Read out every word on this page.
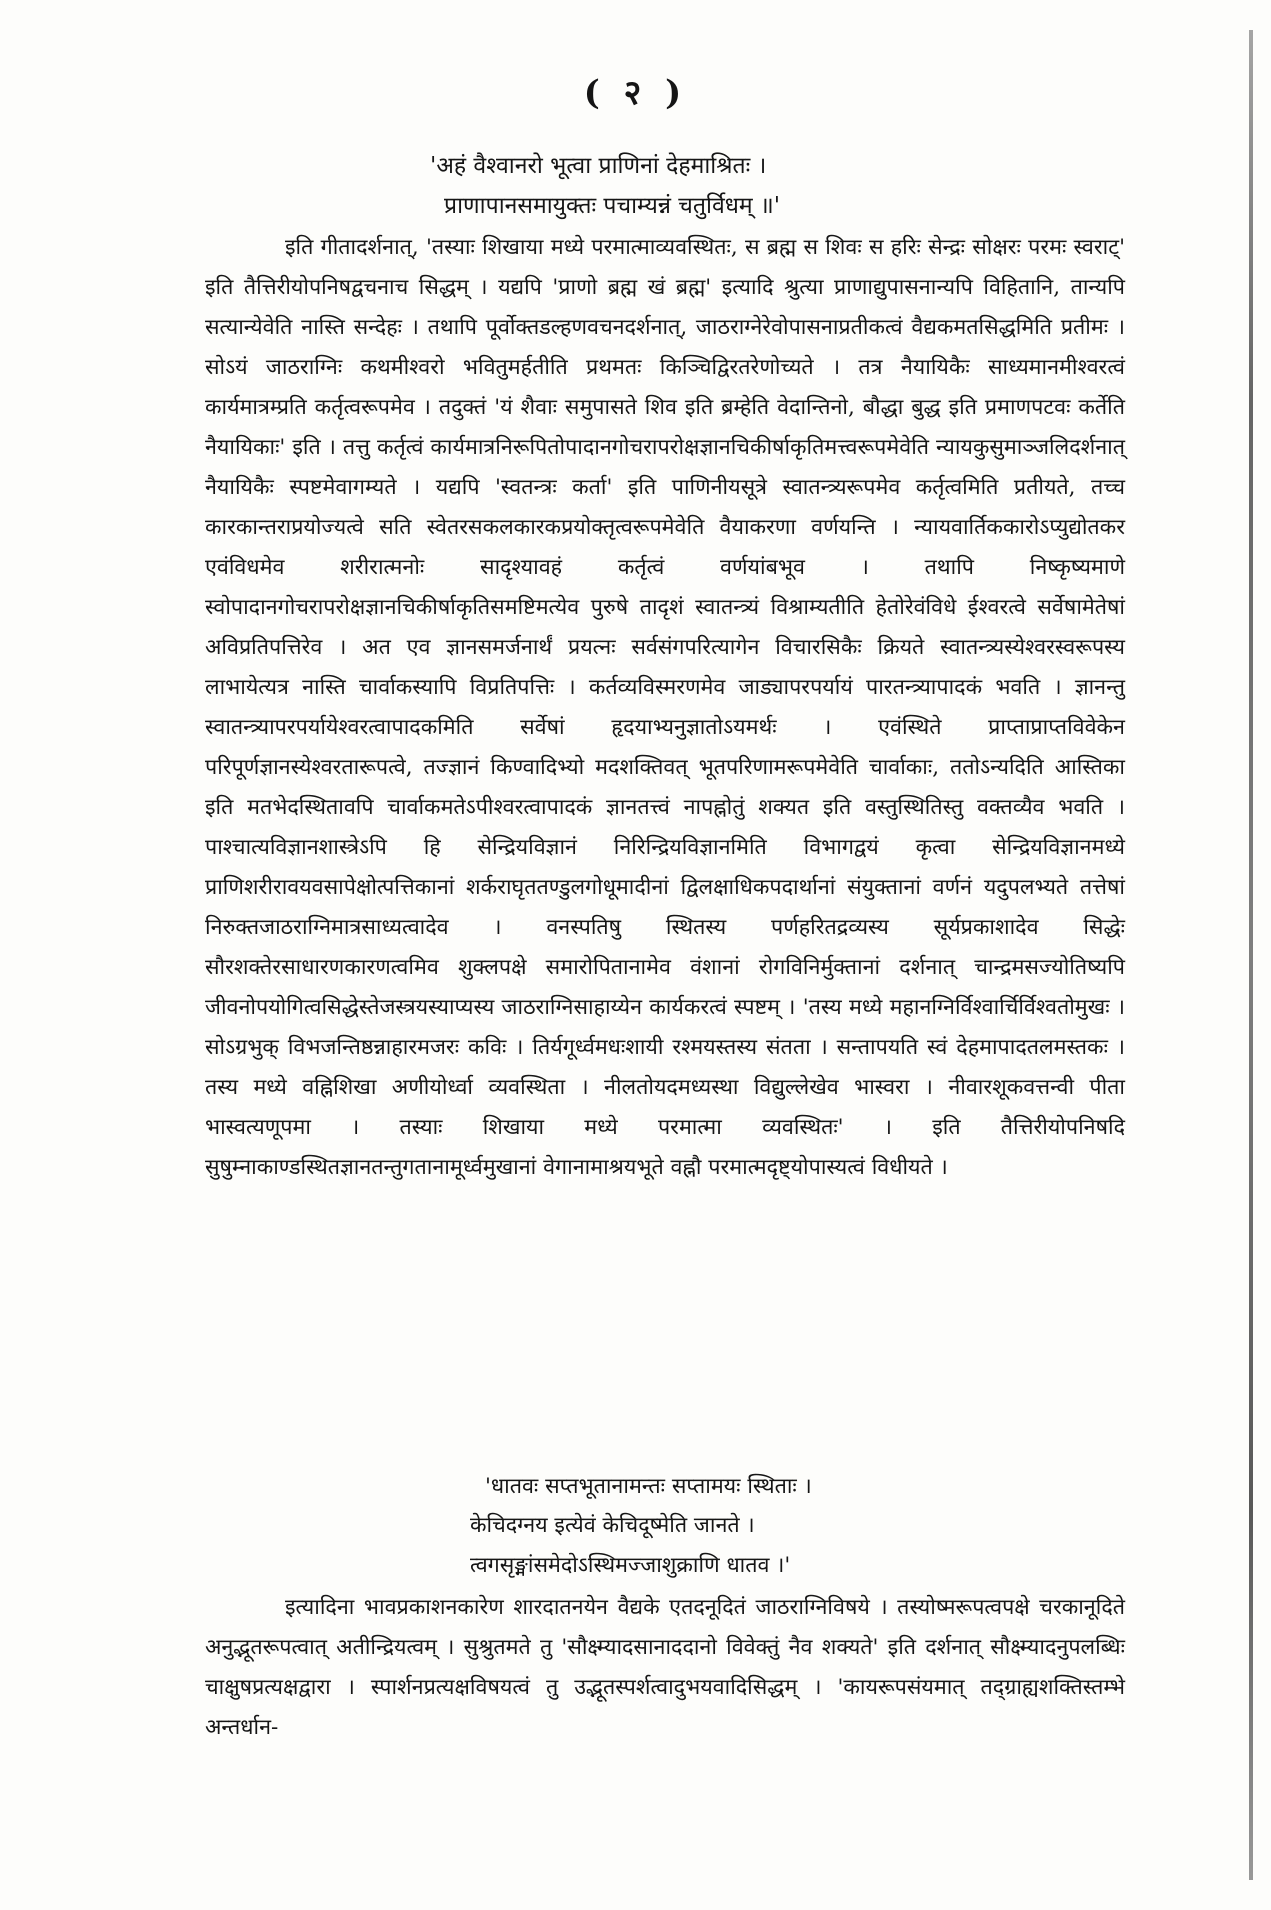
( २ )
'अहं वैश्वानरो भूत्वा प्राणिनां देहमाश्रितः ।
प्राणापानसमायुक्तः पचाम्यन्नं चतुर्विधम् ॥'

इति गीतादर्शनात्, 'तस्याः शिखाया मध्ये परमात्माव्यवस्थितः, स ब्रह्म स शिवः स हरिः सेन्द्रः सोक्षरः परमः स्वराट्' इति तैत्तिरीयोपनिषद्वचनाच सिद्धम् । यद्यपि 'प्राणो ब्रह्म खं ब्रह्म' इत्यादि श्रुत्या प्राणाद्युपासनान्यपि विहितानि, तान्यपि सत्यान्येवेति नास्ति सन्देहः । तथापि पूर्वोक्तडल्हणवचनदर्शनात्, जाठराग्नेरेवोपासनाप्रतीकत्वं वैद्यकमतसिद्धमिति प्रतीमः । सोऽयं जाठराग्निः कथमीश्वरो भवितुमर्हतीति प्रथमतः किञ्चिद्विरतरेणोच्यते । तत्र नैयायिकैः साध्यमानमीश्वरत्वं कार्यमात्रम्प्रति कर्तृत्वरूपमेव । तदुक्तं 'यं शैवाः समुपासते शिव इति ब्रम्हेति वेदान्तिनो, बौद्धा बुद्ध इति प्रमाणपटवः कर्तेति नैयायिकाः' इति । तत्तु कर्तृत्वं कार्यमात्रनिरूपितोपादानगोचरापरोक्षज्ञानचिकीर्षाकृतिमत्त्वरूपमेवेति न्यायकुसुमाञ्जलिदर्शनात् नैयायिकैः स्पष्टमेवागम्यते । यद्यपि 'स्वतन्त्रः कर्ता' इति पाणिनीयसूत्रे स्वातन्त्र्यरूपमेव कर्तृत्वमिति प्रतीयते, तच्च कारकान्तराप्रयोज्यत्वे सति स्वेतरसकलकारकप्रयोक्तृत्वरूपमेवेति वैयाकरणा वर्णयन्ति । न्यायवार्तिककारोऽप्युद्योतकर एवंविधमेव शरीरात्मनोः सादृश्यावहं कर्तृत्वं वर्णयांबभूव । तथापि निष्कृष्यमाणे स्वोपादानगोचरापरोक्षज्ञानचिकीर्षाकृतिसमष्टिमत्येव पुरुषे तादृशं स्वातन्त्र्यं विश्राम्यतीति हेतोरेवंविधे ईश्वरत्वे सर्वेषामेतेषां अविप्रतिपत्तिरेव । अत एव ज्ञानसमर्जनार्थं प्रयत्नः सर्वसंगपरित्यागेन विचारसिकैः क्रियते स्वातन्त्र्यस्येश्वरस्वरूपस्य लाभायेत्यत्र नास्ति चार्वाकस्यापि विप्रतिपत्तिः । कर्तव्यविस्मरणमेव जाड्यापरपर्यायं पारतन्त्र्यापादकं भवति । ज्ञानन्तु स्वातन्त्र्यापरपर्यायेश्वरत्वापादकमिति सर्वेषां हृदयाभ्यनुज्ञातोऽयमर्थः । एवंस्थिते प्राप्ताप्राप्तविवेकेन परिपूर्णज्ञानस्येश्वरतारूपत्वे, तज्ज्ञानं किण्वादिभ्यो मदशक्तिवत् भूतपरिणामरूपमेवेति चार्वाकाः, ततोऽन्यदिति आस्तिका इति मतभेदस्थितावपि चार्वाकमतेऽपीश्वरत्वापादकं ज्ञानतत्त्वं नापह्नोतुं शक्यत इति वस्तुस्थितिस्तु वक्तव्यैव भवति । पाश्चात्यविज्ञानशास्त्रेऽपि हि सेन्द्रियविज्ञानं निरिन्द्रियविज्ञानमिति विभागद्वयं कृत्वा सेन्द्रियविज्ञानमध्ये प्राणिशरीरावयवसापेक्षोत्पत्तिकानां शर्कराघृततण्डुलगोधूमादीनां द्विलक्षाधिकपदार्थानां संयुक्तानां वर्णनं यदुपलभ्यते तत्तेषां निरुक्तजाठराग्निमात्रसाध्यत्वादेव । वनस्पतिषु स्थितस्य पर्णहरितद्रव्यस्य सूर्यप्रकाशादेव सिद्धेः सौरशक्तेरसाधारणकारणत्वमिव शुक्लपक्षे समारोपितानामेव वंशानां रोगविनिर्मुक्तानां दर्शनात् चान्द्रमसज्योतिष्यपि जीवनोपयोगित्वसिद्धेस्तेजस्त्रयस्याप्यस्य जाठराग्निसाहाय्येन कार्यकरत्वं स्पष्टम् । 'तस्य मध्ये महानग्निर्विश्वार्चिर्विश्वतोमुखः । सोऽग्रभुक् विभजन्तिष्ठन्नाहारमजरः कविः । तिर्यगूर्ध्वमधःशायी रश्मयस्तस्य संतता । सन्तापयति स्वं देहमापादतलमस्तकः । तस्य मध्ये वह्निशिखा अणीयोर्ध्वा व्यवस्थिता । नीलतोयदमध्यस्था विद्युल्लेखेव भास्वरा । नीवारशूकवत्तन्वी पीता भास्वत्यणूपमा । तस्याः शिखाया मध्ये परमात्मा व्यवस्थितः' । इति तैत्तिरीयोपनिषदि सुषुम्नाकाण्डस्थितज्ञानतन्तुगतानामूर्ध्वमुखानां वेगानामाश्रयभूते वह्नौ परमात्मदृष्ट्योपास्यत्वं विधीयते ।

'धातवः सप्तभूतानामन्तः सप्तामयः स्थिताः ।
केचिदग्नय इत्येवं केचिदूष्मेति जानते ।
त्वगसृङ्मांसमेदोऽस्थिमज्जाशुक्राणि धातव ।'

इत्यादिना भावप्रकाशनकारेण शारदातनयेन वैद्यके एतदनूदितं जाठराग्निविषये । तस्योष्मरूपत्वपक्षे चरकानूदिते अनुद्भूतरूपत्वात् अतीन्द्रियत्वम् । सुश्रुतमते तु 'सौक्ष्म्यादसानाददानो विवेक्तुं नैव शक्यते' इति दर्शनात् सौक्ष्म्यादनुपलब्धिः चाक्षुषप्रत्यक्षद्वारा । स्पार्शनप्रत्यक्षविषयत्वं तु उद्भूतस्पर्शत्वादुभयवादिसिद्धम् । 'कायरूपसंयमात् तद्ग्राह्यशक्तिस्तम्भे अन्तर्धान-
